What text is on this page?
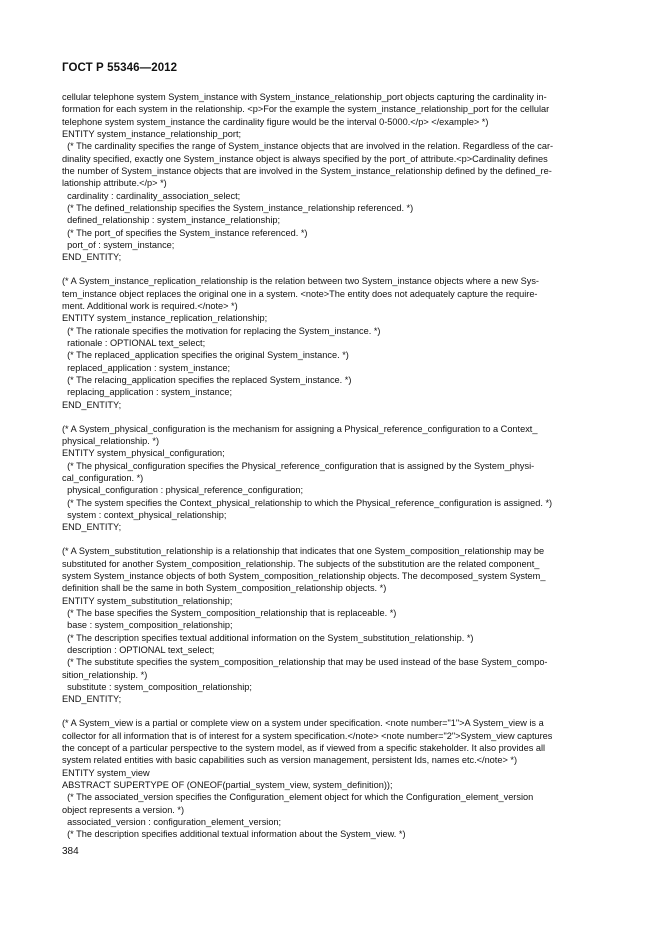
ГОСТ Р 55346—2012
cellular telephone system System_instance with System_instance_relationship_port objects capturing the cardinality in-
formation for each system in the relationship. <p>For the example the system_instance_relationship_port for the cellular
telephone system system_instance the cardinality figure would be the interval 0-5000.</p> </example> *)
ENTITY system_instance_relationship_port;
(* The cardinality specifies the range of System_instance objects that are involved in the relation. Regardless of the car-
dinality specified, exactly one System_instance object is always specified by the port_of attribute.<p>Cardinality defines
the number of System_instance objects that are involved in the System_instance_relationship defined by the defined_re-
lationship attribute.</p> *)
cardinality : cardinality_association_select;
(* The defined_relationship specifies the System_instance_relationship referenced. *)
defined_relationship : system_instance_relationship;
(* The port_of specifies the System_instance referenced. *)
port_of : system_instance;
END_ENTITY;
(* A System_instance_replication_relationship is the relation between two System_instance objects where a new Sys-
tem_instance object replaces the original one in a system. <note>The entity does not adequately capture the require-
ment. Additional work is required.</note> *)
ENTITY system_instance_replication_relationship;
(* The rationale specifies the motivation for replacing the System_instance. *)
rationale : OPTIONAL text_select;
(* The replaced_application specifies the original System_instance. *)
replaced_application : system_instance;
(* The relacing_application specifies the replaced System_instance. *)
replacing_application : system_instance;
END_ENTITY;
(* A System_physical_configuration is the mechanism for assigning a Physical_reference_configuration to a Context_
physical_relationship. *)
ENTITY system_physical_configuration;
(* The physical_configuration specifies the Physical_reference_configuration that is assigned by the System_physi-
cal_configuration. *)
physical_configuration : physical_reference_configuration;
(* The system specifies the Context_physical_relationship to which the Physical_reference_configuration is assigned. *)
system : context_physical_relationship;
END_ENTITY;
(* A System_substitution_relationship is a relationship that indicates that one System_composition_relationship may be
substituted for another System_composition_relationship. The subjects of the substitution are the related component_
system System_instance objects of both System_composition_relationship objects. The decomposed_system System_
definition shall be the same in both System_composition_relationship objects. *)
ENTITY system_substitution_relationship;
(* The base specifies the System_composition_relationship that is replaceable. *)
base : system_composition_relationship;
(* The description specifies textual additional information on the System_substitution_relationship. *)
description : OPTIONAL text_select;
(* The substitute specifies the system_composition_relationship that may be used instead of the base System_compo-
sition_relationship. *)
substitute : system_composition_relationship;
END_ENTITY;
(* A System_view is a partial or complete view on a system under specification. <note number="1">A System_view is a
collector for all information that is of interest for a system specification.</note> <note number="2">System_view captures
the concept of a particular perspective to the system model, as if viewed from a specific stakeholder. It also provides all
system related entities with basic capabilities such as version management, persistent Ids, names etc.</note> *)
ENTITY system_view
ABSTRACT SUPERTYPE OF (ONEOF(partial_system_view, system_definition));
(* The associated_version specifies the Configuration_element object for which the Configuration_element_version
object represents a version. *)
associated_version : configuration_element_version;
(* The description specifies additional textual information about the System_view. *)
384
